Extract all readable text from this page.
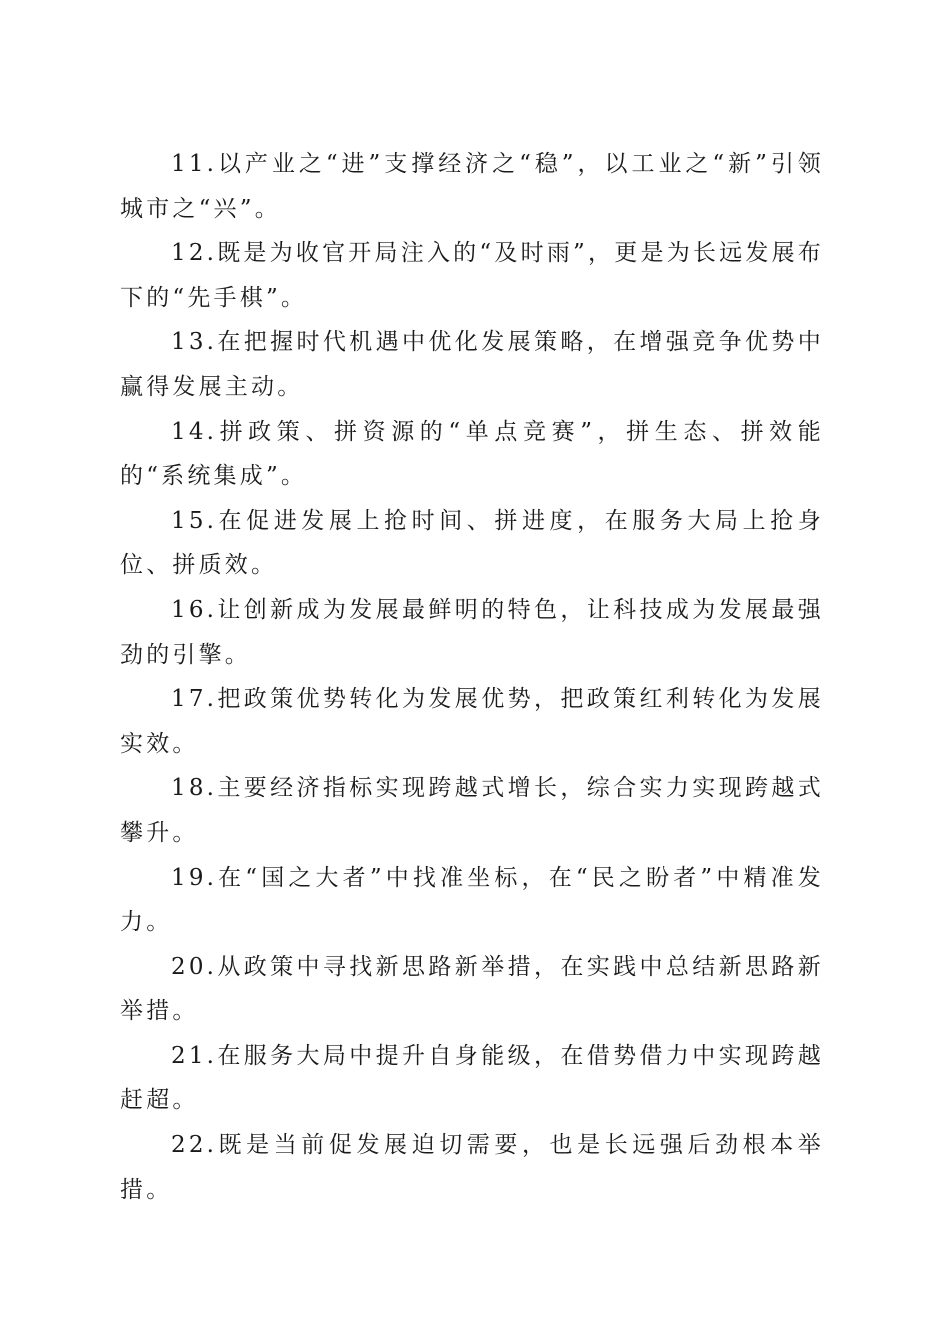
11.以产业之“进”支撑经济之“稳”，以工业之“新”引领城市之“兴”。

12.既是为收官开局注入的“及时雨”，更是为长远发展布下的“先手棋”。

13.在把握时代机遇中优化发展策略，在增强竞争优势中赢得发展主动。

14.拼政策、拼资源的“单点竞赛”，拼生态、拼效能的“系统集成”。

15.在促进发展上抢时间、拼进度，在服务大局上抢身位、拼质效。

16.让创新成为发展最鲜明的特色，让科技成为发展最强劲的引擎。

17.把政策优势转化为发展优势，把政策红利转化为发展实效。

18.主要经济指标实现跨越式增长，综合实力实现跨越式攀升。

19.在“国之大者”中找准坐标，在“民之盼者”中精准发力。

20.从政策中寻找新思路新举措，在实践中总结新思路新举措。

21.在服务大局中提升自身能级，在借势借力中实现跨越赶超。

22.既是当前促发展迫切需要，也是长远强后劲根本举措。
